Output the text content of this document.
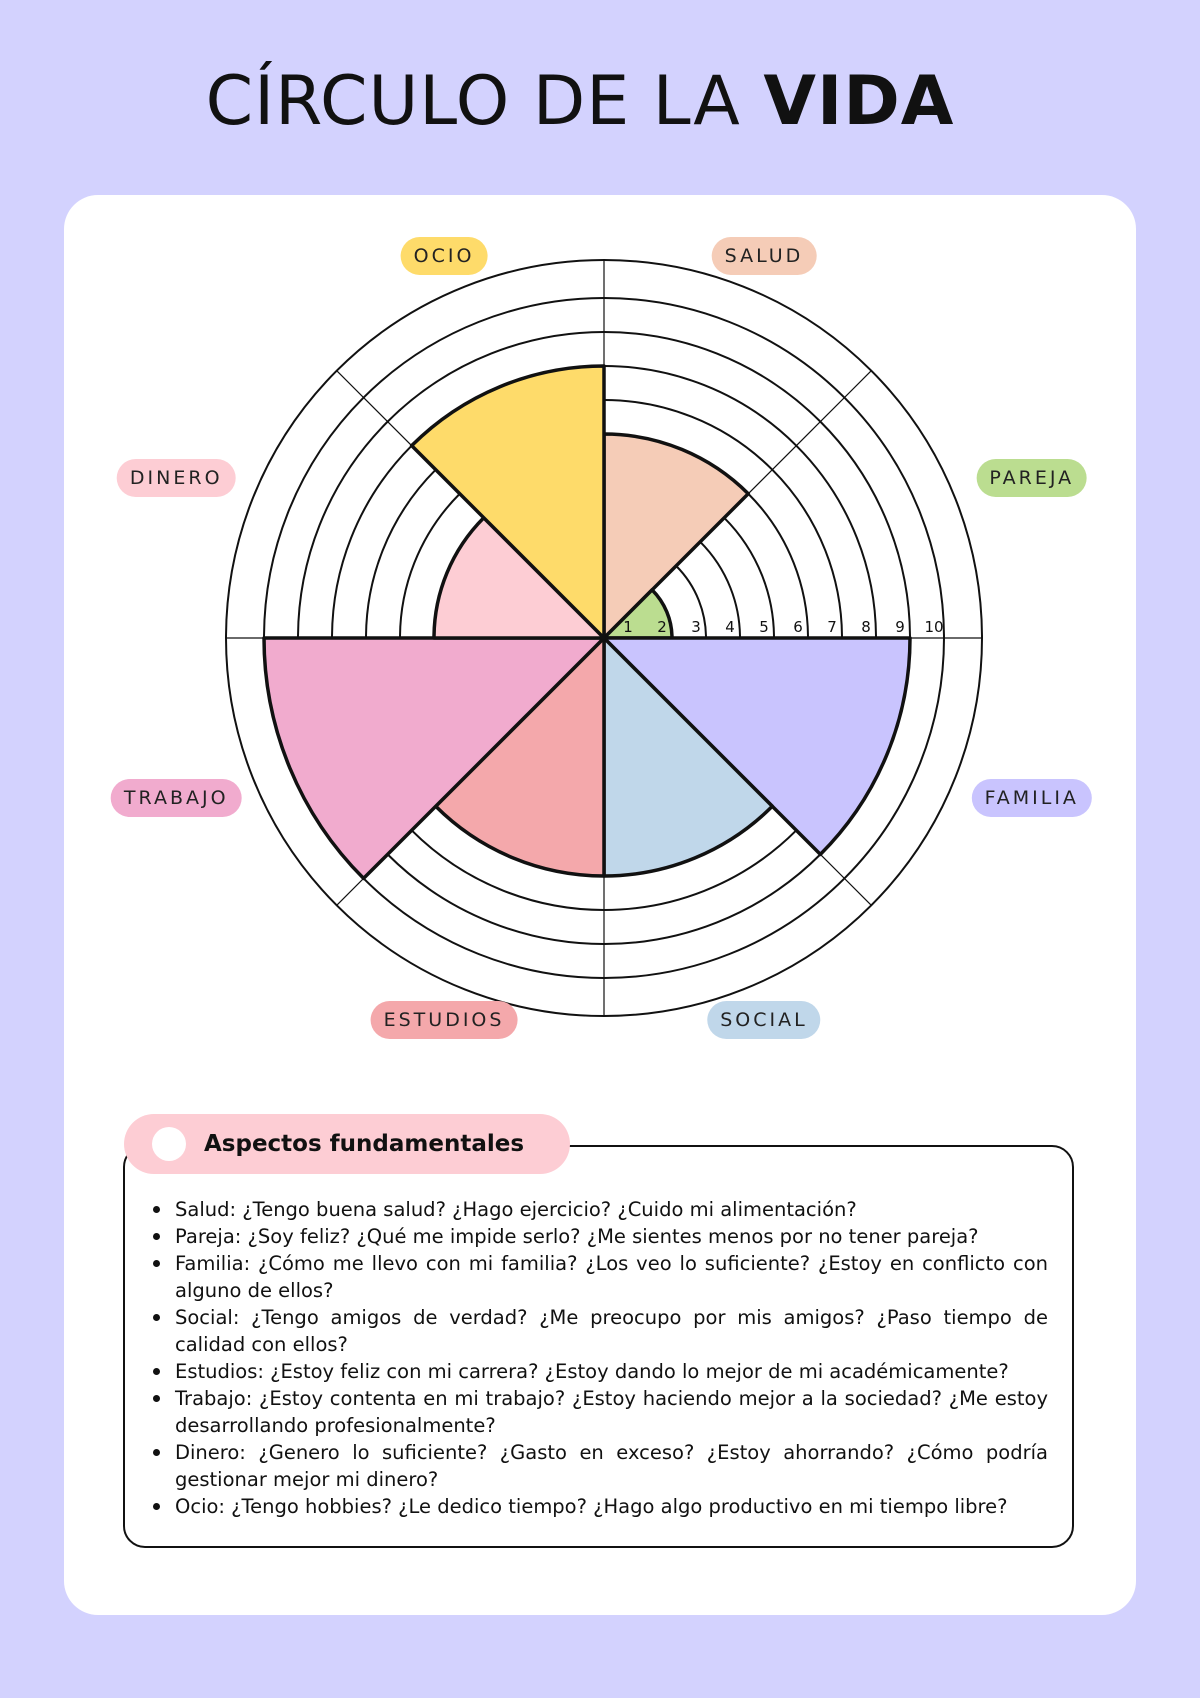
CÍRCULO DE LA VIDA
1 2 3 4 5 6 7 8 9 10
SALUD
PAREJA
FAMILIA
SOCIAL
ESTUDIOS
TRABAJO
DINERO
OCIO
Aspectos fundamentales
Salud: ¿Tengo buena salud? ¿Hago ejercicio? ¿Cuido mi alimentación?
Pareja: ¿Soy feliz? ¿Qué me impide serlo? ¿Me sientes menos por no tener pareja?
Familia: ¿Cómo me llevo con mi familia? ¿Los veo lo suficiente? ¿Estoy en conflicto con alguno de ellos?
Social: ¿Tengo amigos de verdad? ¿Me preocupo por mis amigos? ¿Paso tiempo de calidad con ellos?
Estudios: ¿Estoy feliz con mi carrera? ¿Estoy dando lo mejor de mi académicamente?
Trabajo: ¿Estoy contenta en mi trabajo? ¿Estoy haciendo mejor a la sociedad? ¿Me estoy desarrollando profesionalmente?
Dinero: ¿Genero lo suficiente? ¿Gasto en exceso? ¿Estoy ahorrando? ¿Cómo podría gestionar mejor mi dinero?
Ocio: ¿Tengo hobbies? ¿Le dedico tiempo? ¿Hago algo productivo en mi tiempo libre?
